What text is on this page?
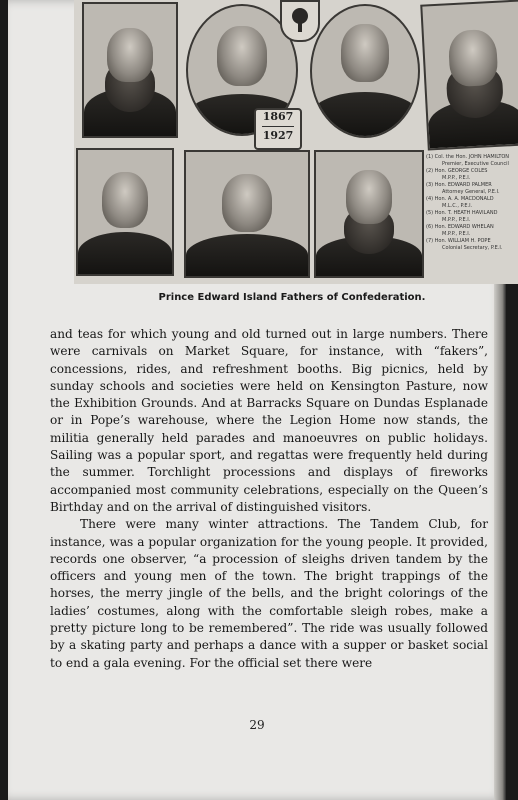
1867
1927
(1) Col. the Hon. JOHN HAMILTON
Premier, Executive Council
(2) Hon. GEORGE COLES
M.P.P., P.E.I.
(3) Hon. EDWARD PALMER
Attorney General, P.E.I.
(4) Hon. A. A. MACDONALD
M.L.C., P.E.I.
(5) Hon. T. HEATH HAVILAND
M.P.P., P.E.I.
(6) Hon. EDWARD WHELAN
M.P.P., P.E.I.
(7) Hon. WILLIAM H. POPE
Colonial Secretary, P.E.I.
Prince Edward Island Fathers of Confederation.

and teas for which young and old turned out in large numbers. There were carnivals on Market Square, for instance, with “fakers”, concessions, rides, and refreshment booths. Big picnics, held by sunday schools and societies were held on Kensington Pasture, now the Exhibition Grounds. And at Barracks Square on Dundas Esplanade or in Pope’s warehouse, where the Legion Home now stands, the militia generally held parades and manoeuvres on public holidays. Sailing was a popular sport, and regattas were frequently held during the summer. Torchlight processions and displays of fireworks accompanied most community celebrations, especially on the Queen’s Birthday and on the arrival of distinguished visitors.

There were many winter attractions. The Tandem Club, for instance, was a popular organization for the young people. It provided, records one observer, “a procession of sleighs driven tandem by the officers and young men of the town. The bright trappings of the horses, the merry jingle of the bells, and the bright colorings of the ladies’ costumes, along with the comfortable sleigh robes, make a pretty picture long to be remembered”. The ride was usually followed by a skating party and perhaps a dance with a supper or basket social to end a gala evening. For the official set there were

29
